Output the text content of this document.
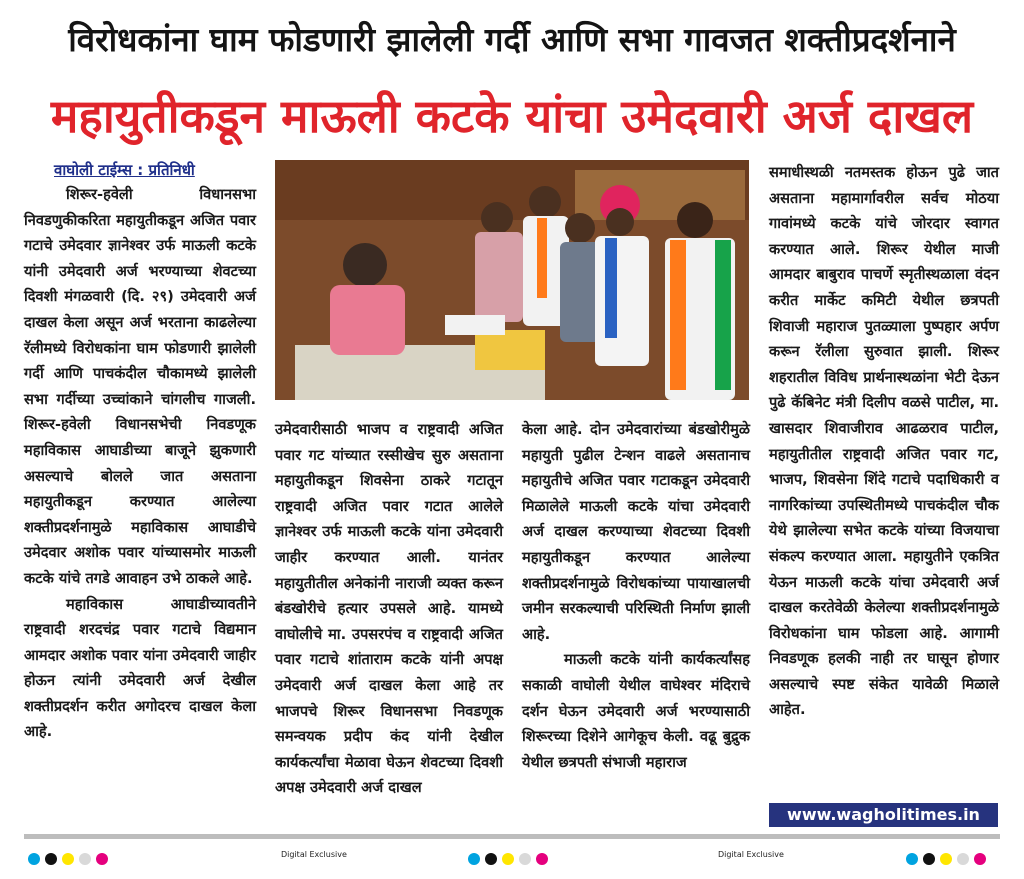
विरोधकांना घाम फोडणारी झालेली गर्दी आणि सभा गावजत शक्तीप्रदर्शनाने
महायुतीकडून माऊली कटके यांचा उमेदवारी अर्ज दाखल
वाघोली टाईम्स : प्रतिनिधी

शिरूर-हवेली विधानसभा निवडणुकीकरिता महायुतीकडून अजित पवार गटाचे उमेदवार ज्ञानेश्वर उर्फ माऊली कटके यांनी उमेदवारी अर्ज भरण्याच्या शेवटच्या दिवशी मंगळवारी (दि. २९) उमेदवारी अर्ज दाखल केला असून अर्ज भरताना काढलेल्या रॅलीमध्ये विरोधकांना घाम फोडणारी झालेली गर्दी आणि पाचकंदील चौकामध्ये झालेली सभा गर्दीच्या उच्चांकाने चांगलीच गाजली. शिरूर-हवेली विधानसभेची निवडणूक महाविकास आघाडीच्या बाजूने झुकणारी असल्याचे बोलले जात असताना महायुतीकडून करण्यात आलेल्या शक्तीप्रदर्शनामुळे महाविकास आघाडीचे उमेदवार अशोक पवार यांच्यासमोर माऊली कटके यांचे तगडे आवाहन उभे ठाकले आहे.

महाविकास आघाडीच्यावतीने राष्ट्रवादी शरदचंद्र पवार गटाचे विद्यमान आमदार अशोक पवार यांना उमेदवारी जाहीर होऊन त्यांनी उमेदवारी अर्ज देखील शक्तीप्रदर्शन करीत अगोदरच दाखल केला आहे.

उमेदवारीसाठी भाजप व राष्ट्रवादी अजित पवार गट यांच्यात रस्सीखेच सुरु असताना महायुतीकडून शिवसेना ठाकरे गटातून राष्ट्रवादी अजित पवार गटात आलेले ज्ञानेश्वर उर्फ माऊली कटके यांना उमेदवारी जाहीर करण्यात आली. यानंतर महायुतीतील अनेकांनी नाराजी व्यक्त करून बंडखोरीचे हत्यार उपसले आहे. यामध्ये वाघोलीचे मा. उपसरपंच व राष्ट्रवादी अजित पवार गटाचे शांताराम कटके यांनी अपक्ष उमेदवारी अर्ज दाखल केला आहे तर भाजपचे शिरूर विधानसभा निवडणूक समन्वयक प्रदीप कंद यांनी देखील कार्यकर्त्यांचा मेळावा घेऊन शेवटच्या दिवशी अपक्ष उमेदवारी अर्ज दाखल

केला आहे. दोन उमेदवारांच्या बंडखोरीमुळे महायुती पुढील टेन्शन वाढले असतानाच महायुतीचे अजित पवार गटाकडून उमेदवारी मिळालेले माऊली कटके यांचा उमेदवारी अर्ज दाखल करण्याच्या शेवटच्या दिवशी महायुतीकडून करण्यात आलेल्या शक्तीप्रदर्शनामुळे विरोधकांच्या पायाखालची जमीन सरकल्याची परिस्थिती निर्माण झाली आहे.

माऊली कटके यांनी कार्यकर्त्यांसह सकाळी वाघोली येथील वाघेश्वर मंदिराचे दर्शन घेऊन उमेदवारी अर्ज भरण्यासाठी शिरूरच्या दिशेने आगेकूच केली. वढू बुद्रुक येथील छत्रपती संभाजी महाराज

समाधीस्थळी नतमस्तक होऊन पुढे जात असताना महामार्गावरील सर्वच मोठया गावांमध्ये कटके यांचे जोरदार स्वागत करण्यात आले. शिरूर येथील माजी आमदार बाबुराव पाचर्णे स्मृतीस्थळाला वंदन करीत मार्केट कमिटी येथील छत्रपती शिवाजी महाराज पुतळ्याला पुष्पहार अर्पण करून रॅलीला सुरुवात झाली. शिरूर शहरातील विविध प्रार्थनास्थळांना भेटी देऊन पुढे कॅबिनेट मंत्री दिलीप वळसे पाटील, मा. खासदार शिवाजीराव आढळराव पाटील, महायुतीतील राष्ट्रवादी अजित पवार गट, भाजप, शिवसेना शिंदे गटाचे पदाधिकारी व नागरिकांच्या उपस्थितीमध्ये पाचकंदील चौक येथे झालेल्या सभेत कटके यांच्या विजयाचा संकल्प करण्यात आला. महायुतीने एकत्रित येऊन माऊली कटके यांचा उमेदवारी अर्ज दाखल करतेवेळी केलेल्या शक्तीप्रदर्शनामुळे विरोधकांना घाम फोडला आहे. आगामी निवडणूक हलकी नाही तर घासून होणार असल्याचे स्पष्ट संकेत यावेळी मिळाले आहेत.

www.wagholitimes.in
Digital Exclusive	Digital Exclusive
